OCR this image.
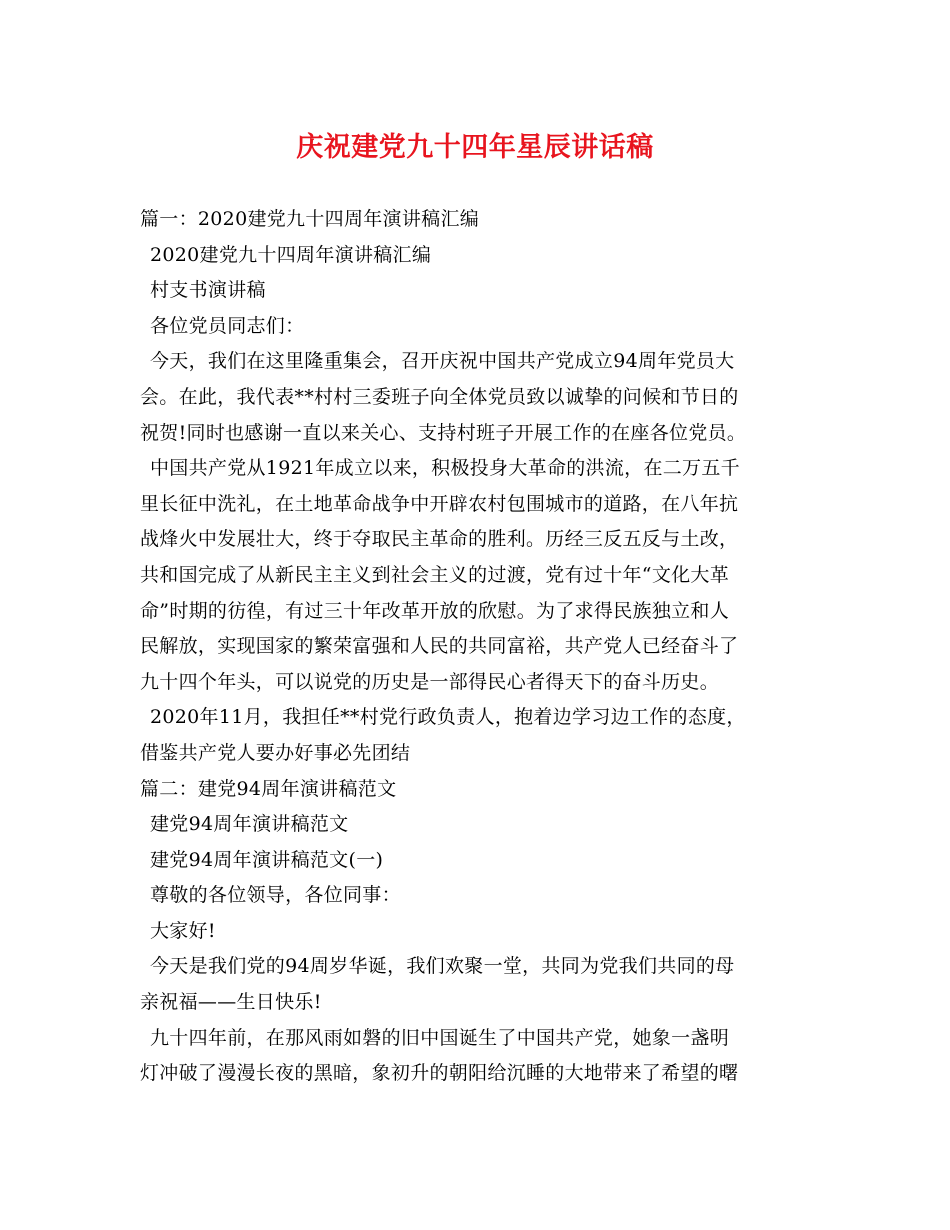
庆祝建党九十四年星辰讲话稿
篇一：2020建党九十四周年演讲稿汇编
2020建党九十四周年演讲稿汇编
村支书演讲稿
各位党员同志们：
今天，我们在这里隆重集会，召开庆祝中国共产党成立94周年党员大
会。在此，我代表**村村三委班子向全体党员致以诚挚的问候和节日的
祝贺!同时也感谢一直以来关心、支持村班子开展工作的在座各位党员。
中国共产党从1921年成立以来，积极投身大革命的洪流，在二万五千
里长征中洗礼，在土地革命战争中开辟农村包围城市的道路，在八年抗
战烽火中发展壮大，终于夺取民主革命的胜利。历经三反五反与土改，
共和国完成了从新民主主义到社会主义的过渡，党有过十年“文化大革
命”时期的彷徨，有过三十年改革开放的欣慰。为了求得民族独立和人
民解放，实现国家的繁荣富强和人民的共同富裕，共产党人已经奋斗了
九十四个年头，可以说党的历史是一部得民心者得天下的奋斗历史。
2020年11月，我担任**村党行政负责人，抱着边学习边工作的态度，
借鉴共产党人要办好事必先团结
篇二：建党94周年演讲稿范文
建党94周年演讲稿范文
建党94周年演讲稿范文(一)
尊敬的各位领导，各位同事：
大家好!
今天是我们党的94周岁华诞，我们欢聚一堂，共同为党我们共同的母
亲祝福——生日快乐!
九十四年前，在那风雨如磐的旧中国诞生了中国共产党，她象一盏明
灯冲破了漫漫长夜的黑暗，象初升的朝阳给沉睡的大地带来了希望的曙
